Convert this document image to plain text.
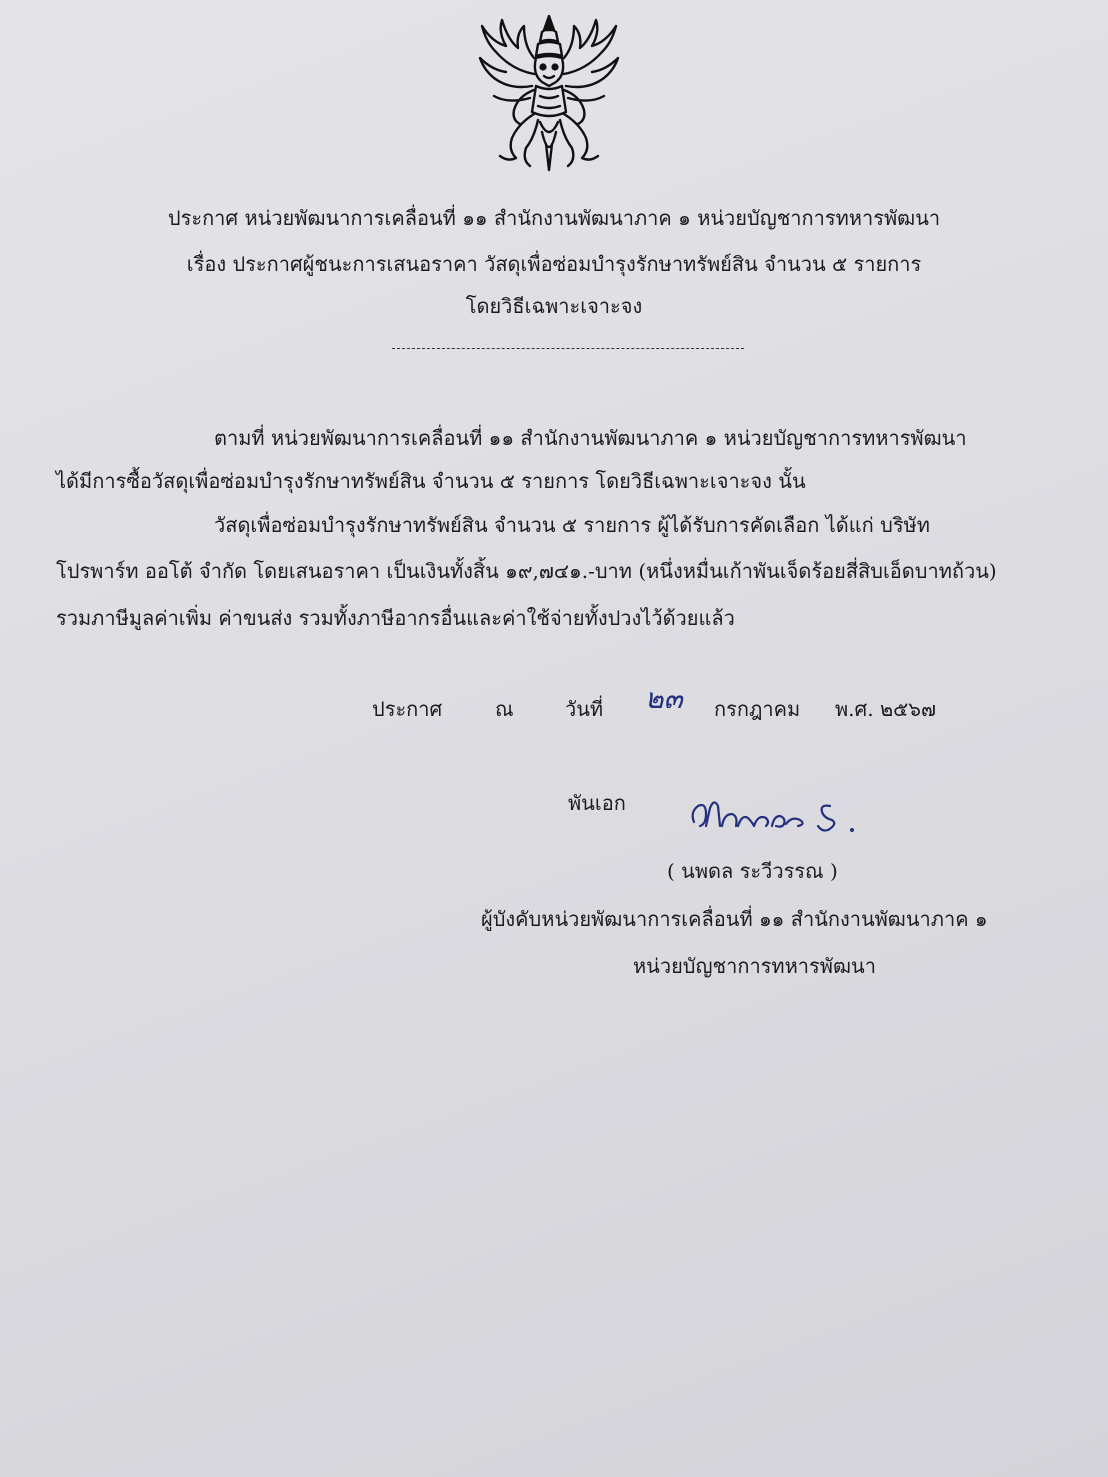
ประกาศ หน่วยพัฒนาการเคลื่อนที่ ๑๑ สำนักงานพัฒนาภาค ๑ หน่วยบัญชาการทหารพัฒนา
เรื่อง ประกาศผู้ชนะการเสนอราคา วัสดุเพื่อซ่อมบำรุงรักษาทรัพย์สิน จำนวน ๕ รายการ
โดยวิธีเฉพาะเจาะจง
ตามที่ หน่วยพัฒนาการเคลื่อนที่ ๑๑ สำนักงานพัฒนาภาค ๑ หน่วยบัญชาการทหารพัฒนา
ได้มีการซื้อวัสดุเพื่อซ่อมบำรุงรักษาทรัพย์สิน จำนวน ๕ รายการ โดยวิธีเฉพาะเจาะจง นั้น
วัสดุเพื่อซ่อมบำรุงรักษาทรัพย์สิน จำนวน ๕ รายการ ผู้ได้รับการคัดเลือก ได้แก่ บริษัท
โปรพาร์ท ออโต้ จำกัด โดยเสนอราคา เป็นเงินทั้งสิ้น ๑๙,๗๔๑.-บาท (หนึ่งหมื่นเก้าพันเจ็ดร้อยสี่สิบเอ็ดบาทถ้วน)
รวมภาษีมูลค่าเพิ่ม ค่าขนส่ง รวมทั้งภาษีอากรอื่นและค่าใช้จ่ายทั้งปวงไว้ด้วยแล้ว
ประกาศ	ณ	วันที่ ๒๓ กรกฎาคม พ.ศ. ๒๕๖๗
พันเอก
( นพดล ระวีวรรณ )
ผู้บังคับหน่วยพัฒนาการเคลื่อนที่ ๑๑ สำนักงานพัฒนาภาค ๑
หน่วยบัญชาการทหารพัฒนา
